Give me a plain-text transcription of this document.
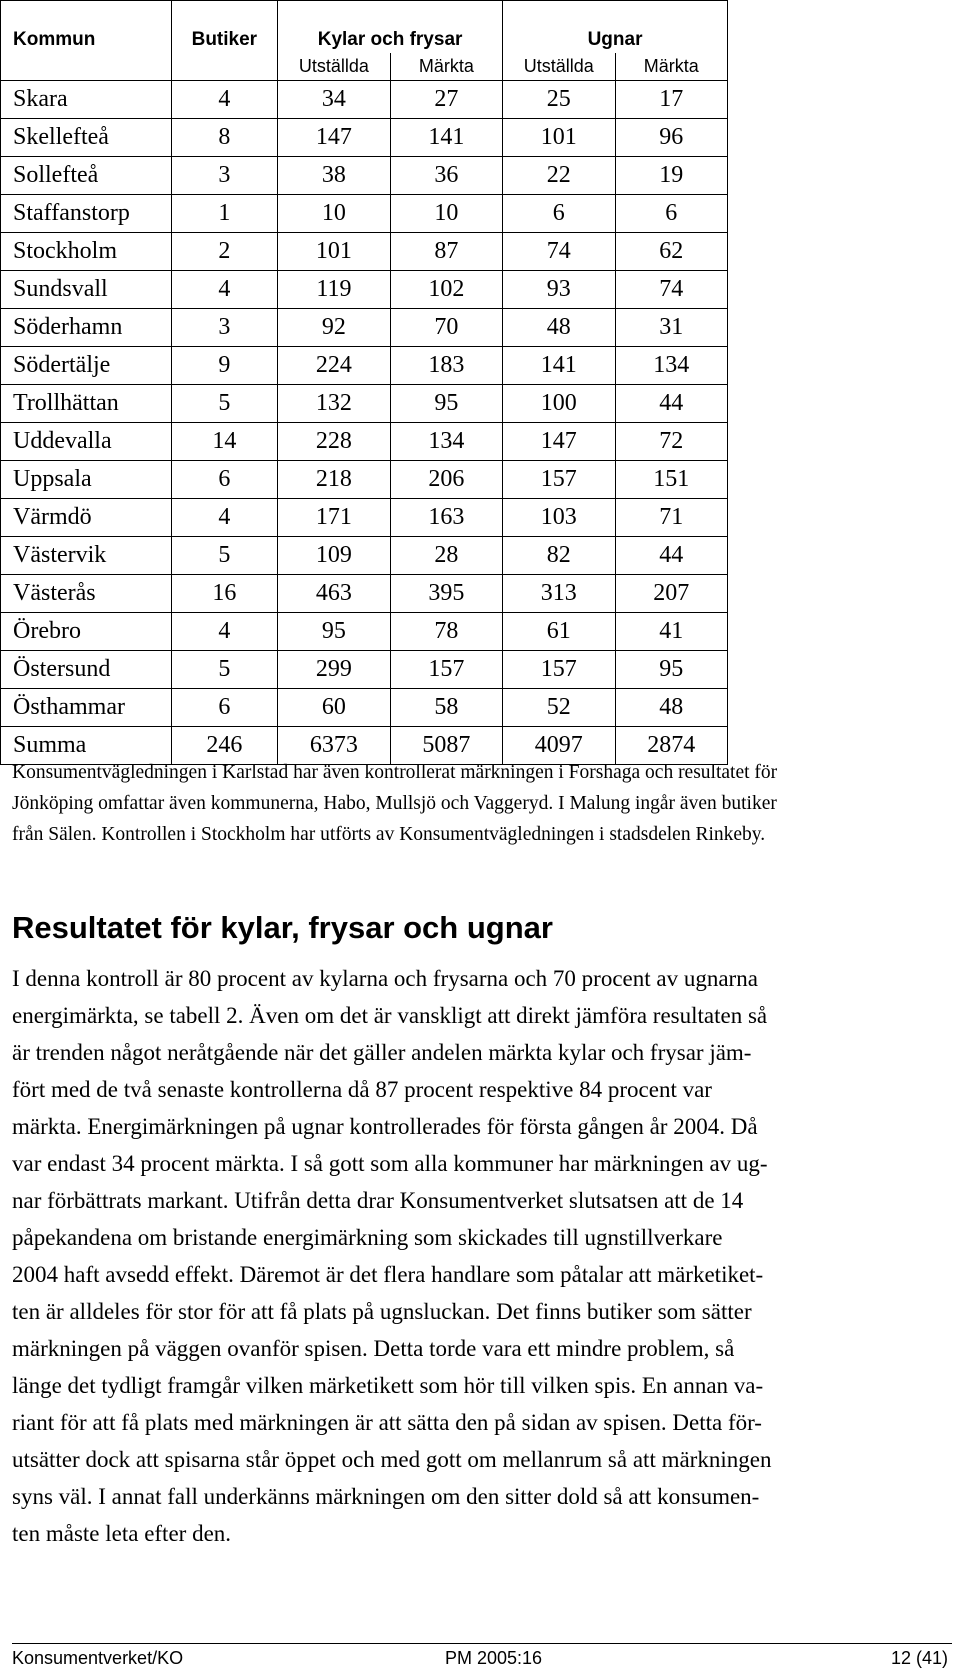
Kommun	Butiker	Kylar och frysar		Ugnar	
		Utställda	Märkta	Utställda	Märkta
Skara	4	34	27	25	17
Skellefteå	8	147	141	101	96
Sollefteå	3	38	36	22	19
Staffanstorp	1	10	10	6	6
Stockholm	2	101	87	74	62
Sundsvall	4	119	102	93	74
Söderhamn	3	92	70	48	31
Södertälje	9	224	183	141	134
Trollhättan	5	132	95	100	44
Uddevalla	14	228	134	147	72
Uppsala	6	218	206	157	151
Värmdö	4	171	163	103	71
Västervik	5	109	28	82	44
Västerås	16	463	395	313	207
Örebro	4	95	78	61	41
Östersund	5	299	157	157	95
Östhammar	6	60	58	52	48
Summa	246	6373	5087	4097	2874

Konsumentvägledningen i Karlstad har även kontrollerat märkningen i Forshaga och resultatet för

Jönköping omfattar även kommunerna, Habo, Mullsjö och Vaggeryd. I Malung ingår även butiker

från Sälen. Kontrollen i Stockholm har utförts av Konsumentvägledningen i stadsdelen Rinkeby.

Resultatet för kylar, frysar och ugnar

I denna kontroll är 80 procent av kylarna och frysarna och 70 procent av ugnarna

energimärkta, se tabell 2. Även om det är vanskligt att direkt jämföra resultaten så

är trenden något neråtgående när det gäller andelen märkta kylar och frysar jäm-

fört med de två senaste kontrollerna då 87 procent respektive 84 procent var

märkta. Energimärkningen på ugnar kontrollerades för första gången år 2004. Då

var endast 34 procent märkta. I så gott som alla kommuner har märkningen av ug-

nar förbättrats markant. Utifrån detta drar Konsumentverket slutsatsen att de 14

påpekandena om bristande energimärkning som skickades till ugnstillverkare

2004 haft avsedd effekt. Däremot är det flera handlare som påtalar att märketiket-

ten är alldeles för stor för att få plats på ugnsluckan. Det finns butiker som sätter

märkningen på väggen ovanför spisen. Detta torde vara ett mindre problem, så

länge det tydligt framgår vilken märketikett som hör till vilken spis. En annan va-

riant för att få plats med märkningen är att sätta den på sidan av spisen. Detta för-

utsätter dock att spisarna står öppet och med gott om mellanrum så att märkningen

syns väl. I annat fall underkänns märkningen om den sitter dold så att konsumen-

ten måste leta efter den.

Konsumentverket/KO	PM 2005:16	12 (41)
